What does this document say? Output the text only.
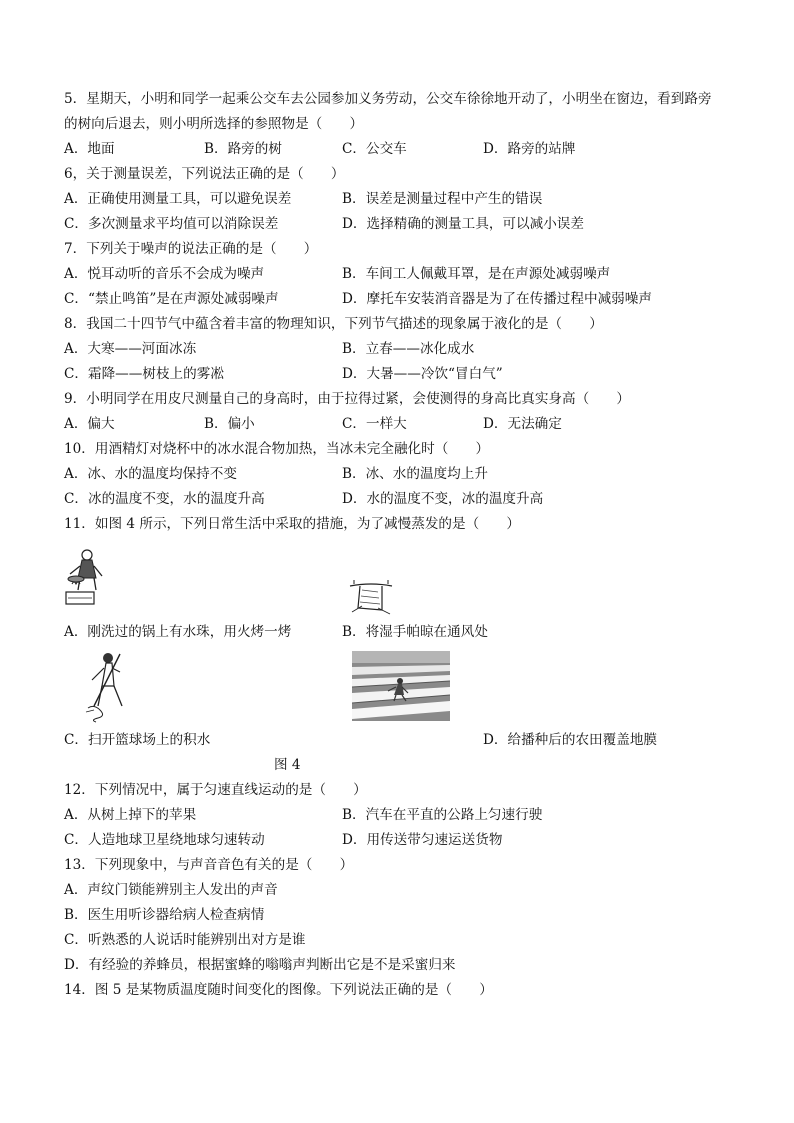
5．星期天，小明和同学一起乘公交车去公园参加义务劳动，公交车徐徐地开动了，小明坐在窗边，看到路旁
的树向后退去，则小明所选择的参照物是（　　）
A．地面	B．路旁的树	C．公交车	D．路旁的站牌
6，关于测量误差，下列说法正确的是（　　）
A．正确使用测量工具，可以避免误差	B．误差是测量过程中产生的错误
C．多次测量求平均值可以消除误差	D．选择精确的测量工具，可以减小误差
7．下列关于噪声的说法正确的是（　　）
A．悦耳动听的音乐不会成为噪声	B．车间工人佩戴耳罩，是在声源处减弱噪声
C．“禁止鸣笛”是在声源处减弱噪声	D．摩托车安装消音器是为了在传播过程中减弱噪声
8．我国二十四节气中蕴含着丰富的物理知识，下列节气描述的现象属于液化的是（　　）
A．大寒——河面冰冻	B．立春——冰化成水
C．霜降——树枝上的雾凇	D．大暑——冷饮“冒白气”
9．小明同学在用皮尺测量自己的身高时，由于拉得过紧，会使测得的身高比真实身高（　　）
A．偏大	B．偏小	C．一样大	D．无法确定
10．用酒精灯对烧杯中的冰水混合物加热，当冰未完全融化时（　　）
A．冰、水的温度均保持不变	B．冰、水的温度均上升
C．冰的温度不变，水的温度升高	D．水的温度不变，冰的温度升高
11．如图 4 所示，下列日常生活中采取的措施，为了减慢蒸发的是（　　）
A．刚洗过的锅上有水珠，用火烤一烤	B．将湿手帕晾在通风处
C．扫开篮球场上的积水	D．给播种后的农田覆盖地膜
图 4
12．下列情况中，属于匀速直线运动的是（　　）
A．从树上掉下的苹果	B．汽车在平直的公路上匀速行驶
C．人造地球卫星绕地球匀速转动	D．用传送带匀速运送货物
13．下列现象中，与声音音色有关的是（　　）
A．声纹门锁能辨别主人发出的声音
B．医生用听诊器给病人检查病情
C．听熟悉的人说话时能辨别出对方是谁
D．有经验的养蜂员，根据蜜蜂的嗡嗡声判断出它是不是采蜜归来
14．图 5 是某物质温度随时间变化的图像。下列说法正确的是（　　）
